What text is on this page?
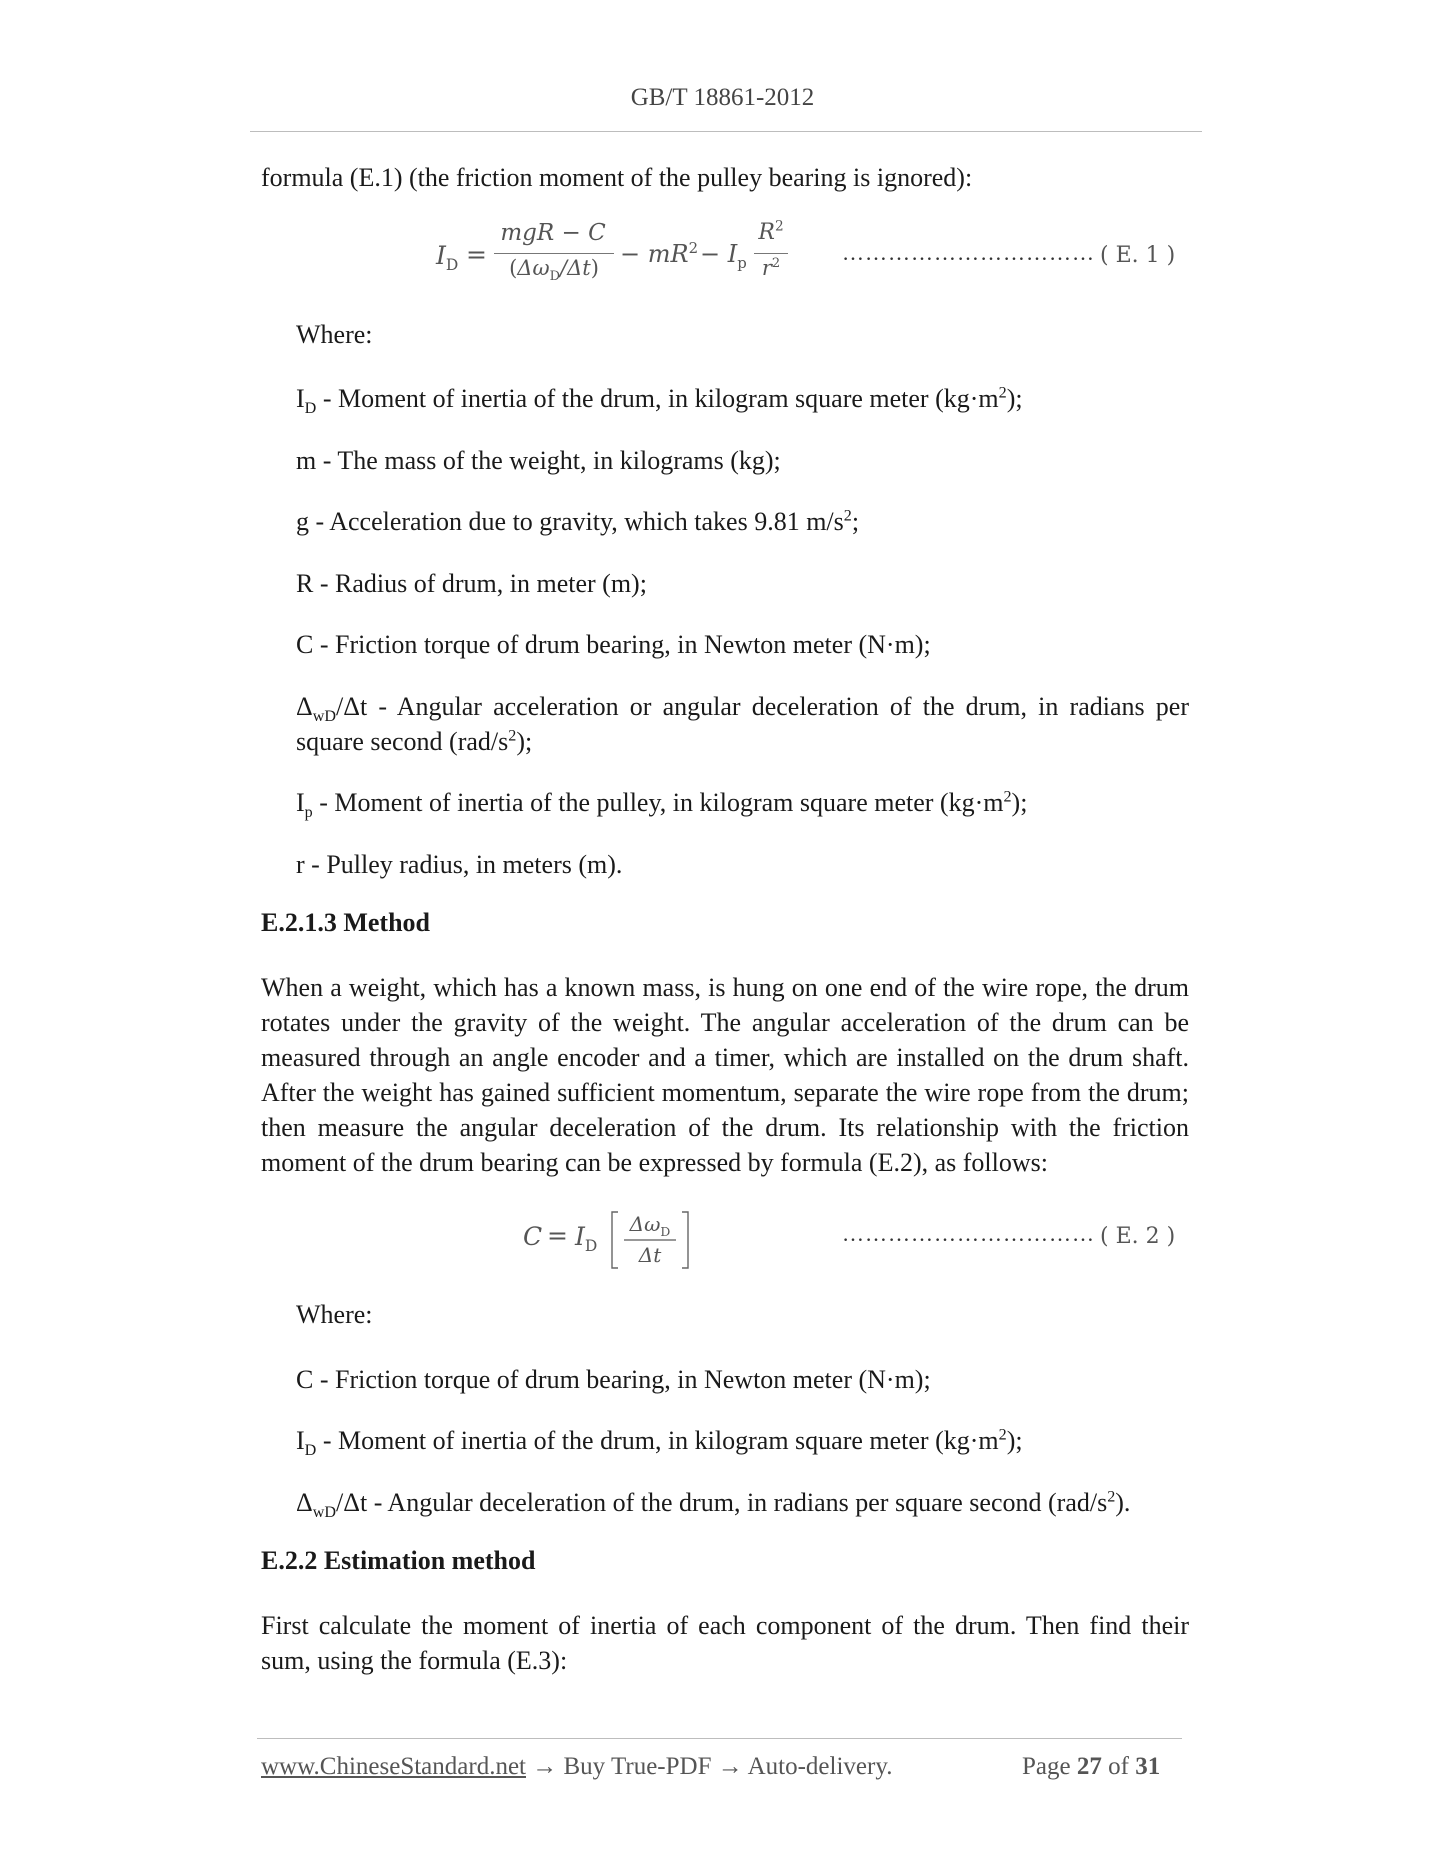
GB/T 18861-2012
formula (E.1) (the friction moment of the pulley bearing is ignored):
$I_D$ =
mgR − C
$(\Delta\omega_D/\Delta t) - mR^2 - I_p$
$R^2$
$r^2$	…………………………… ( E. 1 )
Where:
$I_D$ - Moment of inertia of the drum, in kilogram square meter $(kg\cdot m^2)$;
m - The mass of the weight, in kilograms (kg);
g - Acceleration due to gravity, which takes 9.81 $m/s^2$;
R - Radius of drum, in meter (m);
C - Friction torque of drum bearing, in Newton meter (N·m);
$\Delta_{wD}/\Delta t$ - Angular acceleration or angular deceleration of the drum, in radians per square second $(rad/s^2)$;
$I_p$ - Moment of inertia of the pulley, in kilogram square meter $(kg\cdot m^2)$;
r - Pulley radius, in meters (m).
E.2.1.3 Method
When a weight, which has a known mass, is hung on one end of the wire rope, the drum rotates under the gravity of the weight. The angular acceleration of the drum can be measured through an angle encoder and a timer, which are installed on the drum shaft. After the weight has gained sufficient momentum, separate the wire rope from the drum; then measure the angular deceleration of the drum. Its relationship with the friction moment of the drum bearing can be expressed by formula (E.2), as follows:
$C = I_D$
$\Delta\omega_D$
Δt
…………………………… ( E. 2 )
Where:
C - Friction torque of drum bearing, in Newton meter (N·m);
$I_D$ - Moment of inertia of the drum, in kilogram square meter $(kg\cdot m^2)$;
$\Delta_{wD}/\Delta t$ - Angular deceleration of the drum, in radians per square second $(rad/s^2)$.
E.2.2 Estimation method
First calculate the moment of inertia of each component of the drum. Then find their sum, using the formula (E.3):
www.ChineseStandard.net → Buy True-PDF → Auto-delivery.	Page 27 of 31
